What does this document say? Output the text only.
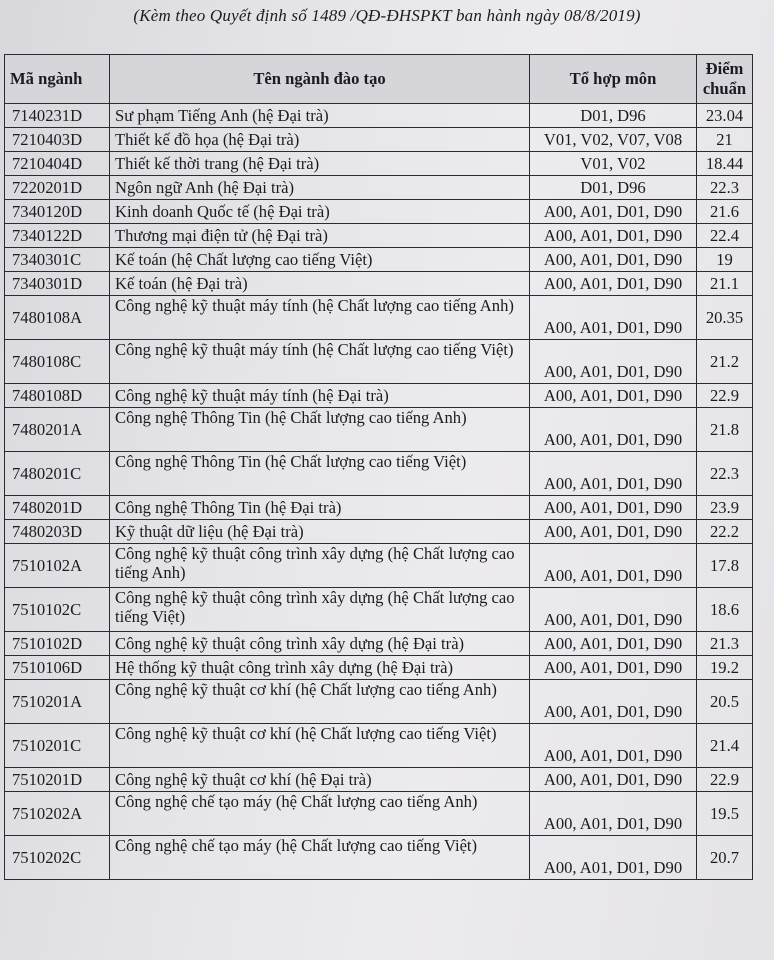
(Kèm theo Quyết định số 1489 /QĐ-ĐHSPKT ban hành ngày 08/8/2019)
Mã ngành	Tên ngành đào tạo	Tổ hợp môn	Điểm chuẩn
7140231D	Sư phạm Tiếng Anh (hệ Đại trà)	D01, D96	23.04
7210403D	Thiết kế đồ họa (hệ Đại trà)	V01, V02, V07, V08	21
7210404D	Thiết kế thời trang (hệ Đại trà)	V01, V02	18.44
7220201D	Ngôn ngữ Anh (hệ Đại trà)	D01, D96	22.3
7340120D	Kinh doanh Quốc tế (hệ Đại trà)	A00, A01, D01, D90	21.6
7340122D	Thương mại điện tử (hệ Đại trà)	A00, A01, D01, D90	22.4
7340301C	Kế toán (hệ Chất lượng cao tiếng Việt)	A00, A01, D01, D90	19
7340301D	Kế toán (hệ Đại trà)	A00, A01, D01, D90	21.1
7480108A	Công nghệ kỹ thuật máy tính (hệ Chất lượng cao tiếng Anh)	A00, A01, D01, D90	20.35
7480108C	Công nghệ kỹ thuật máy tính (hệ Chất lượng cao tiếng Việt)	A00, A01, D01, D90	21.2
7480108D	Công nghệ kỹ thuật máy tính (hệ Đại trà)	A00, A01, D01, D90	22.9
7480201A	Công nghệ Thông Tin (hệ Chất lượng cao tiếng Anh)	A00, A01, D01, D90	21.8
7480201C	Công nghệ Thông Tin (hệ Chất lượng cao tiếng Việt)	A00, A01, D01, D90	22.3
7480201D	Công nghệ Thông Tin (hệ Đại trà)	A00, A01, D01, D90	23.9
7480203D	Kỹ thuật dữ liệu (hệ Đại trà)	A00, A01, D01, D90	22.2
7510102A	Công nghệ kỹ thuật công trình xây dựng (hệ Chất lượng cao tiếng Anh)	A00, A01, D01, D90	17.8
7510102C	Công nghệ kỹ thuật công trình xây dựng (hệ Chất lượng cao tiếng Việt)	A00, A01, D01, D90	18.6
7510102D	Công nghệ kỹ thuật công trình xây dựng (hệ Đại trà)	A00, A01, D01, D90	21.3
7510106D	Hệ thống kỹ thuật công trình xây dựng (hệ Đại trà)	A00, A01, D01, D90	19.2
7510201A	Công nghệ kỹ thuật cơ khí (hệ Chất lượng cao tiếng Anh)	A00, A01, D01, D90	20.5
7510201C	Công nghệ kỹ thuật cơ khí (hệ Chất lượng cao tiếng Việt)	A00, A01, D01, D90	21.4
7510201D	Công nghệ kỹ thuật cơ khí (hệ Đại trà)	A00, A01, D01, D90	22.9
7510202A	Công nghệ chế tạo máy (hệ Chất lượng cao tiếng Anh)	A00, A01, D01, D90	19.5
7510202C	Công nghệ chế tạo máy (hệ Chất lượng cao tiếng Việt)	A00, A01, D01, D90	20.7
